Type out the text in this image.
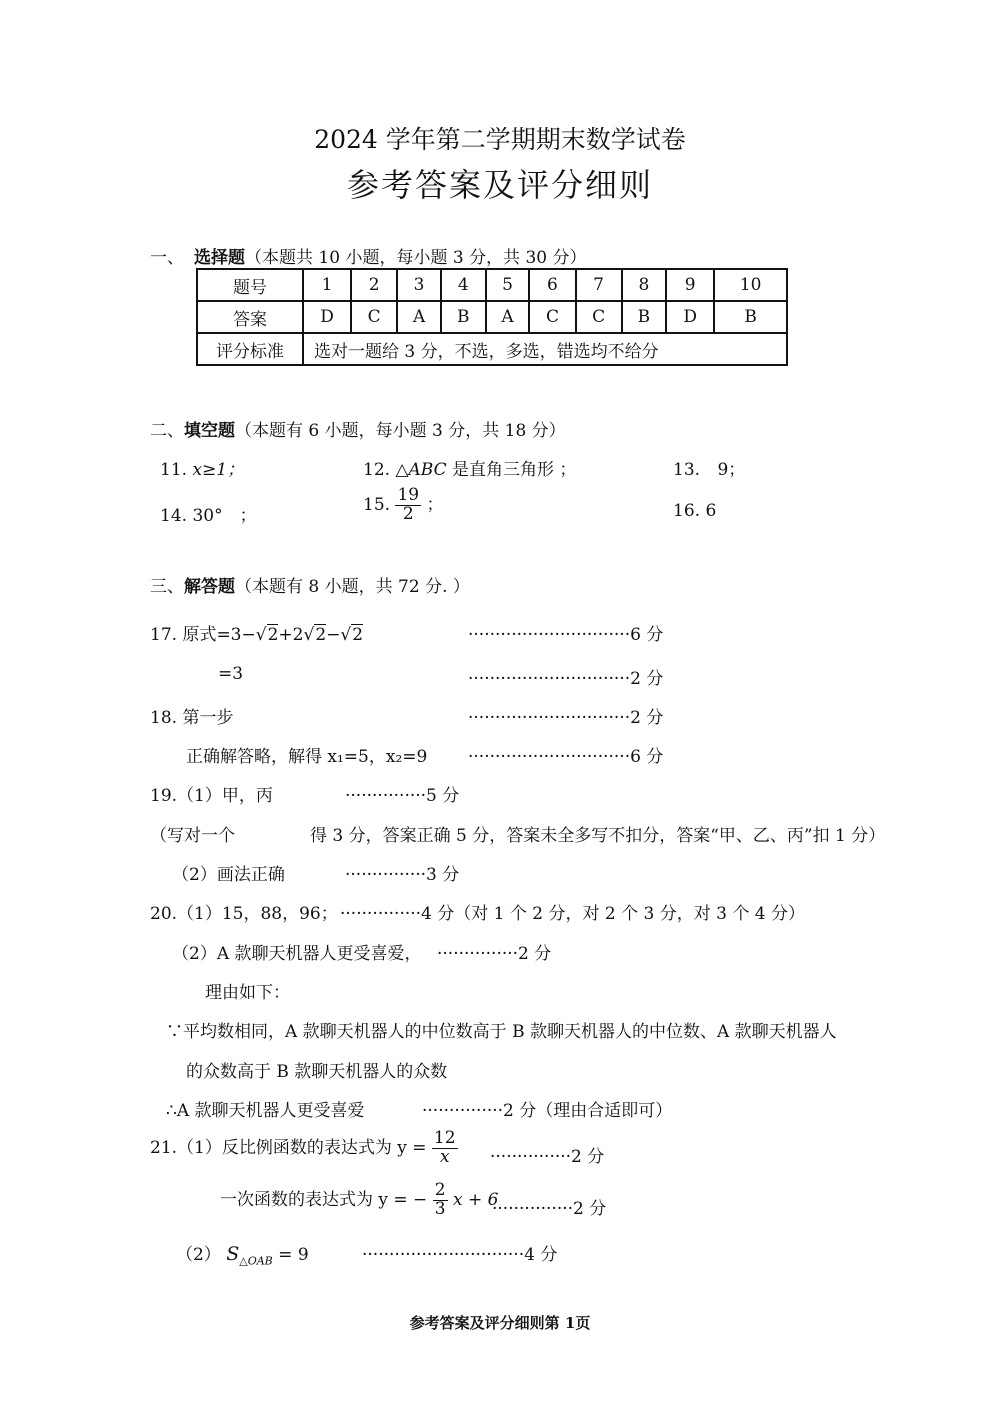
2024 学年第二学期期末数学试卷
参考答案及评分细则
一、 选择题（本题共 10 小题，每小题 3 分，共 30 分）
题号	1	2	3	4	5	6	7	8	9	10
答案	D	C	A	B	A	C	C	B	D	B
评分标准	选对一题给 3 分，不选，多选，错选均不给分									
二、填空题（本题有 6 小题，每小题 3 分，共 18 分）
11. x≥1；	12. △ABC 是直角三角形 ；	13. 9；
14. 30°　；
15. $\frac{19}{2}$ ；	16. 6
三、解答题（本题有 8 小题，共 72 分. ）
17. 原式=3−√2+2√2−√2	······························6 分
=3	······························2 分
18. 第一步	······························2 分
正确解答略，解得 x₁=5，x₂=9 ······························6 分
19.（1）甲，丙	···············5 分
（写对一个	得 3 分，答案正确 5 分，答案未全多写不扣分，答案“甲、乙、丙”扣 1 分）
（2）画法正确	···············3 分
20.（1）15，88，96； ···············4 分（对 1 个 2 分，对 2 个 3 分，对 3 个 4 分）
（2）A 款聊天机器人更受喜爱， ···············2 分
理由如下：
∵平均数相同，A 款聊天机器人的中位数高于 B 款聊天机器人的中位数、A 款聊天机器人
的众数高于 B 款聊天机器人的众数
∴A 款聊天机器人更受喜爱	···············2 分（理由合适即可）
21.（1）反比例函数的表达式为 $y = \frac{12}{x} \cdot\cdot\cdot\cdot\cdot\cdot\cdot\cdot\cdot\cdot\cdot\cdot\cdot\cdot\cdot 2$ 分
一次函数的表达式为 y = − $\frac{2}{3}$ x + 6
···············2 分
（2） $S_{\triangle OAB} = 9$	······························4 分
参考答案及评分细则第 1页
